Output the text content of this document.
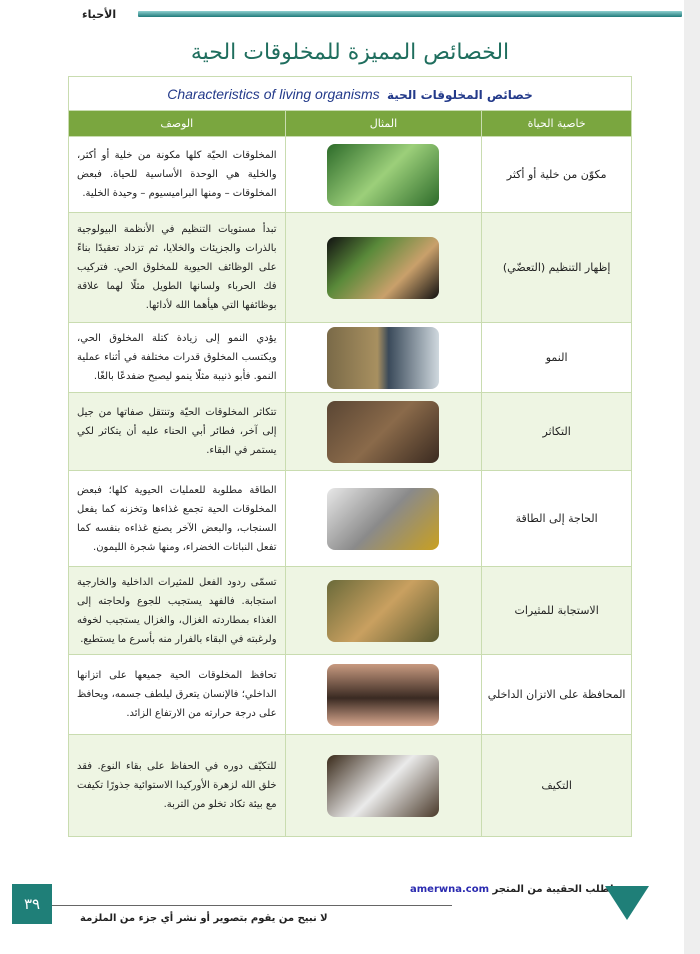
الأحياء
الخصائص المميزة للمخلوقات الحية
خصائص المخلوقات الحية Characteristics of living organisms		
خاصية الحياة	المثال	الوصف
مكوّن من خلية أو أكثر		المخلوقات الحيّة كلها مكونة من خلية أو أكثر، والخلية هي الوحدة الأساسية للحياة. فبعض المخلوقات – ومنها البراميسيوم – وحيدة الخلية.
إظهار التنظيم (التعضّي)		تبدأ مستويات التنظيم في الأنظمة البيولوجية بالذرات والجزيئات والخلايا، ثم تزداد تعقيدًا بناءً على الوظائف الحيوية للمخلوق الحي. فتركيب فك الحرباء ولسانها الطويل مثلًا لهما علاقة بوظائفها التي هيأهما الله لأدائها.
النمو		يؤدي النمو إلى زيادة كتلة المخلوق الحي، ويكتسب المخلوق قدرات مختلفة في أثناء عملية النمو. فأبو ذنيبة مثلًا ينمو ليصبح ضفدعًا بالغًا.
التكاثر		تتكاثر المخلوقات الحيّة وتنتقل صفاتها من جيل إلى آخر، فطائر أبي الحناء عليه أن يتكاثر لكي يستمر في البقاء.
الحاجة إلى الطاقة		الطاقة مطلوبة للعمليات الحيوية كلها؛ فبعض المخلوقات الحية تجمع غذاءها وتخزنه كما يفعل السنجاب، والبعض الآخر يصنع غذاءه بنفسه كما تفعل النباتات الخضراء، ومنها شجرة الليمون.
الاستجابة للمثيرات		تسمّى ردود الفعل للمثيرات الداخلية والخارجية استجابة. فالفهد يستجيب للجوع ولحاجته إلى الغذاء بمطاردته الغزال، والغزال يستجيب لخوفه ولرغبته في البقاء بالفرار منه بأسرع ما يستطيع.
المحافظة على الاتزان الداخلي		تحافظ المخلوقات الحية جميعها على اتزانها الداخلي؛ فالإنسان يتعرق ليلطف جسمه، ويحافظ على درجة حرارته من الارتفاع الزائد.
التكيف		للتكيّف دوره في الحفاظ على بقاء النوع. فقد خلق الله لزهرة الأوركيدا الاستوائية جذورًا تكيفت مع بيئة تكاد تخلو من التربة.
٣٩
لطلب الحقيبة من المتجر amerwna.com
لا نبيح من يقوم بتصوير أو نشر أي جزء من الملزمة
